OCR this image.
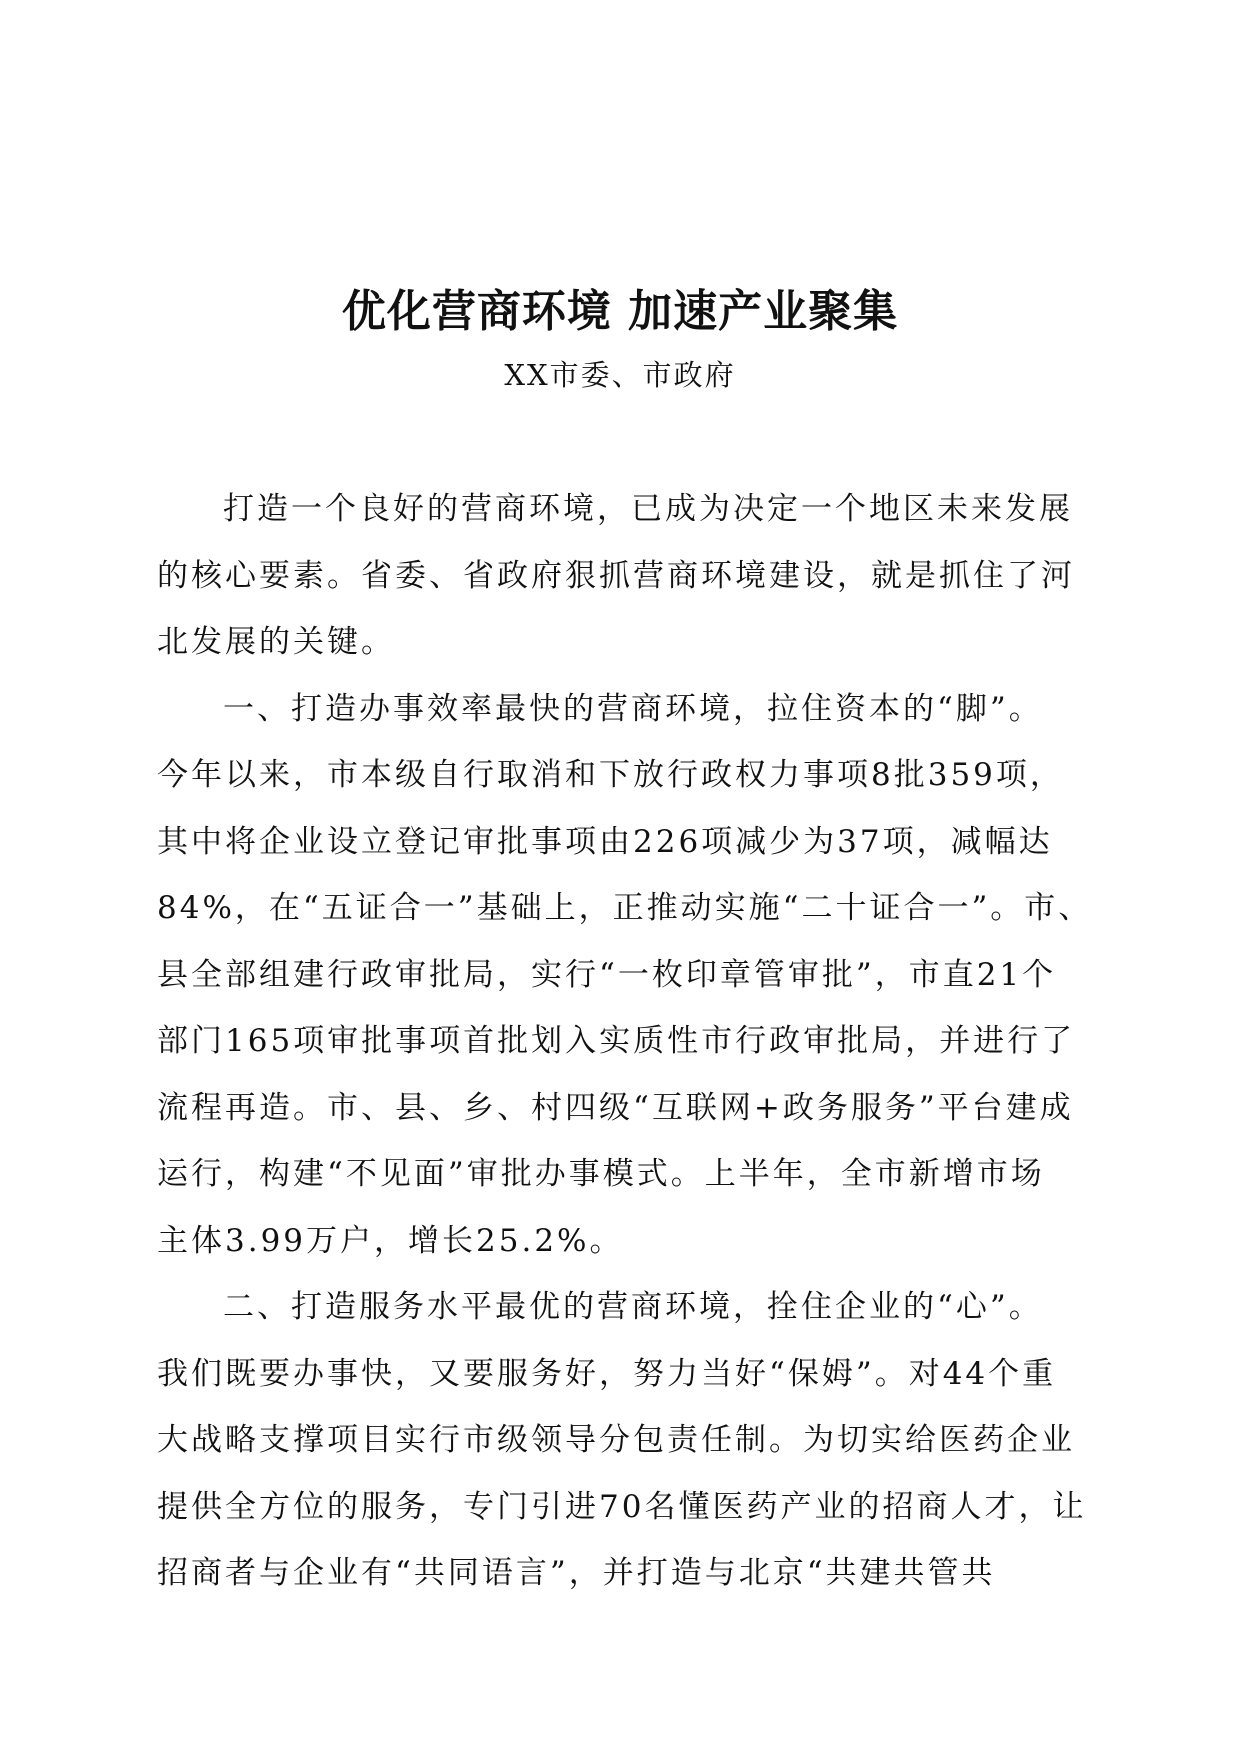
优化营商环境 加速产业聚集

XX市委、市政府

打造一个良好的营商环境，已成为决定一个地区未来发展
的核心要素。省委、省政府狠抓营商环境建设，就是抓住了河
北发展的关键。
一、打造办事效率最快的营商环境，拉住资本的“脚”。
今年以来，市本级自行取消和下放行政权力事项8批359项，
其中将企业设立登记审批事项由226项减少为37项，减幅达
84%，在“五证合一”基础上，正推动实施“二十证合一”。市、
县全部组建行政审批局，实行“一枚印章管审批”，市直21个
部门165项审批事项首批划入实质性市行政审批局，并进行了
流程再造。市、县、乡、村四级“互联网+政务服务”平台建成
运行，构建“不见面”审批办事模式。上半年，全市新增市场
主体3.99万户，增长25.2%。
二、打造服务水平最优的营商环境，拴住企业的“心”。
我们既要办事快，又要服务好，努力当好“保姆”。对44个重
大战略支撑项目实行市级领导分包责任制。为切实给医药企业
提供全方位的服务，专门引进70名懂医药产业的招商人才，让
招商者与企业有“共同语言”，并打造与北京“共建共管共
